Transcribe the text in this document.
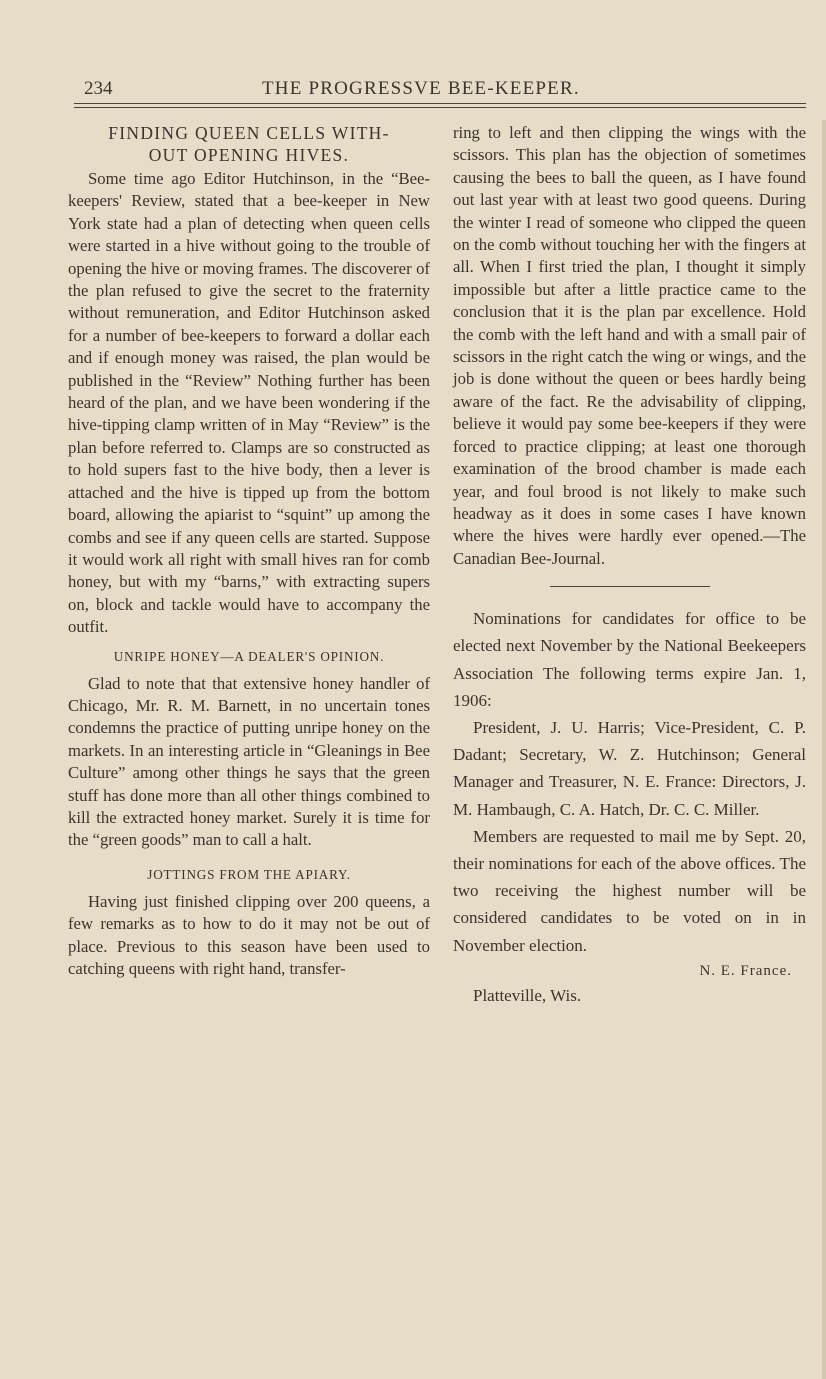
234	THE PROGRESSVE BEE-KEEPER.
FINDING QUEEN CELLS WITH-
OUT OPENING HIVES.

Some time ago Editor Hutchinson, in the “Bee-keepers' Review, stated that a bee-keeper in New York state had a plan of detecting when queen cells were started in a hive without going to the trouble of opening the hive or moving frames. The discoverer of the plan refused to give the secret to the fraternity without remuneration, and Editor Hutchinson asked for a number of bee-keepers to forward a dollar each and if enough money was raised, the plan would be published in the “Review” Nothing further has been heard of the plan, and we have been wondering if the hive-tipping clamp written of in May “Review” is the plan before referred to. Clamps are so constructed as to hold supers fast to the hive body, then a lever is attached and the hive is tipped up from the bottom board, allowing the apiarist to “squint” up among the combs and see if any queen cells are started. Suppose it would work all right with small hives ran for comb honey, but with my “barns,” with extracting supers on, block and tackle would have to accompany the outfit.

UNRIPE HONEY—A DEALER'S OPINION.

Glad to note that that extensive honey handler of Chicago, Mr. R. M. Barnett, in no uncertain tones condemns the practice of putting unripe honey on the markets. In an interesting article in “Gleanings in Bee Culture” among other things he says that the green stuff has done more than all other things combined to kill the extracted honey market. Surely it is time for the “green goods” man to call a halt.

JOTTINGS FROM THE APIARY.

Having just finished clipping over 200 queens, a few remarks as to how to do it may not be out of place. Previous to this season have been used to catching queens with right hand, transfer-

ring to left and then clipping the wings with the scissors. This plan has the objection of sometimes causing the bees to ball the queen, as I have found out last year with at least two good queens. During the winter I read of someone who clipped the queen on the comb without touching her with the fingers at all. When I first tried the plan, I thought it simply impossible but after a little practice came to the conclusion that it is the plan par excellence. Hold the comb with the left hand and with a small pair of scissors in the right catch the wing or wings, and the job is done without the queen or bees hardly being aware of the fact. Re the advisability of clipping, believe it would pay some bee-keepers if they were forced to practice clipping; at least one thorough examination of the brood chamber is made each year, and foul brood is not likely to make such headway as it does in some cases I have known where the hives were hardly ever opened.—The Canadian Bee-Journal.

Nominations for candidates for office to be elected next November by the National Beekeepers Association The following terms expire Jan. 1, 1906:

President, J. U. Harris; Vice-President, C. P. Dadant; Secretary, W. Z. Hutchinson; General Manager and Treasurer, N. E. France: Directors, J. M. Hambaugh, C. A. Hatch, Dr. C. C. Miller.

Members are requested to mail me by Sept. 20, their nominations for each of the above offices. The two receiving the highest number will be considered candidates to be voted on in in November election.

N. E. France.
Platteville, Wis.
